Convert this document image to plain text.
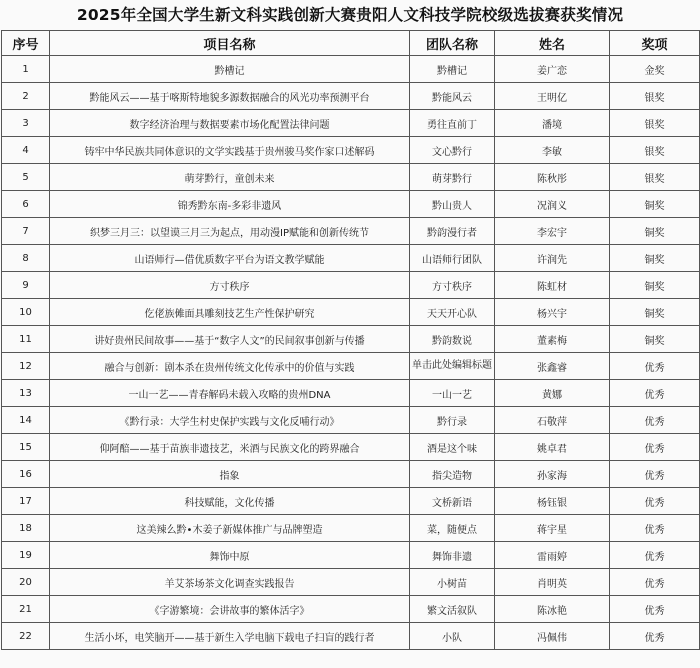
2025年全国大学生新文科实践创新大赛贵阳人文科技学院校级选拔赛获奖情况
序号	项目名称	团队名称	姓名	奖项
1	黔槽记	黔槽记	姜广恋	金奖
2	黔能风云——基于喀斯特地貌多源数据融合的风光功率预测平台	黔能风云	王明亿	银奖
3	数字经济治理与数据要素市场化配置法律问题	勇往直前丁	潘境	银奖
4	铸牢中华民族共同体意识的文学实践基于贵州骏马奖作家口述解码	文心黔行	李敏	银奖
5	萌芽黔行，童创未来	萌芽黔行	陈秋彤	银奖
6	锦秀黔东南-多彩非遗风	黔山贵人	况润义	铜奖
7	织梦三月三：以望谟三月三为起点，用动漫IP赋能和创新传统节	黔韵漫行者	李宏宇	铜奖
8	山语师行—借优质数字平台为语文教学赋能	山语师行团队	许润先	铜奖
9	方寸秩序	方寸秩序	陈虹材	铜奖
10	仡佬族傩面具雕刻技艺生产性保护研究	天天开心队	杨兴宇	铜奖
11	讲好贵州民间故事——基于“数字人文”的民间叙事创新与传播	黔韵数说	董素梅	铜奖
12	融合与创新：剧本杀在贵州传统文化传承中的价值与实践	单击此处编辑标题	张鑫睿	优秀
13	一山一艺——青春解码未载入攻略的贵州DNA	一山一艺	黄娜	优秀
14	《黔行录：大学生村史保护实践与文化反哺行动》	黔行录	石敬萍	优秀
15	仰阿醅——基于苗族非遗技艺，米酒与民族文化的跨界融合	酒是这个味	姚卓君	优秀
16	指象	指尖造物	孙家海	优秀
17	科技赋能，文化传播	文桥新语	杨钰银	优秀
18	这美辣么黔•木姜子新媒体推广与品牌塑造	菜，随便点	蒋宇星	优秀
19	舞饰中原	舞饰非遗	雷雨婷	优秀
20	羊艾茶场茶文化调查实践报告	小树苗	肖明英	优秀
21	《字游繁境：会讲故事的繁体活字》	繁文活叙队	陈冰艳	优秀
22	生活小坏，电笑脑开——基于新生入学电脑下载电子扫盲的践行者	小队	冯佩伟	优秀
